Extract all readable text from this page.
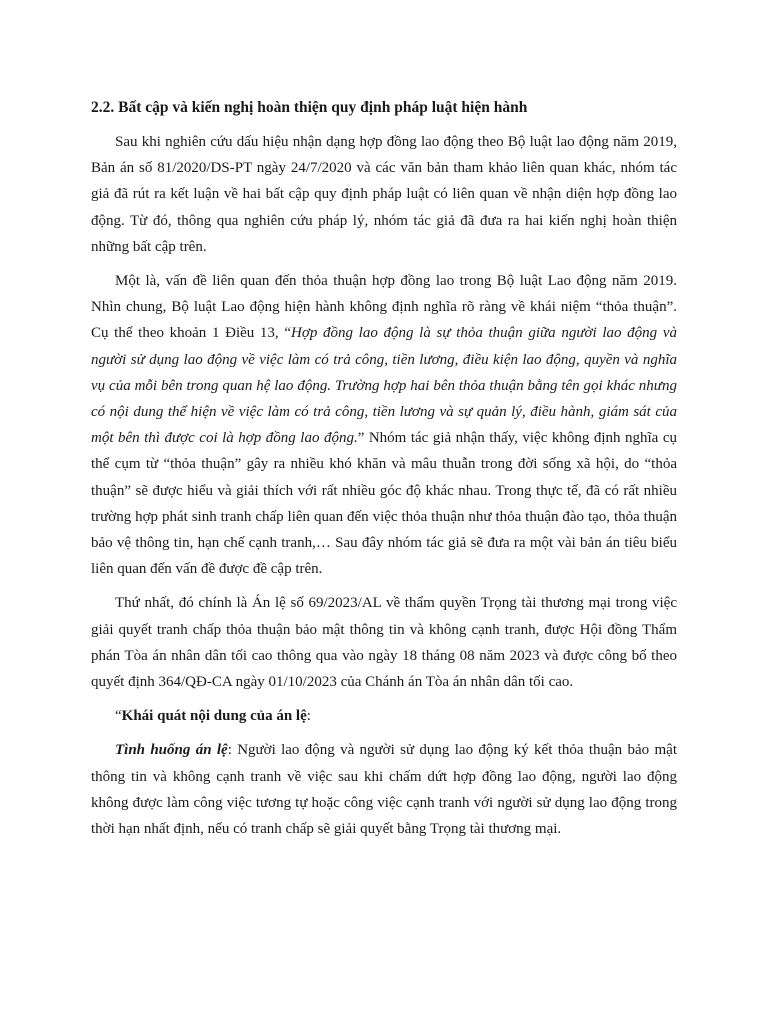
2.2. Bất cập và kiến nghị hoàn thiện quy định pháp luật hiện hành

Sau khi nghiên cứu dấu hiệu nhận dạng hợp đồng lao động theo Bộ luật lao động năm 2019, Bản án số 81/2020/DS-PT ngày 24/7/2020 và các văn bản tham khảo liên quan khác, nhóm tác giả đã rút ra kết luận về hai bất cập quy định pháp luật có liên quan về nhận diện hợp đồng lao động. Từ đó, thông qua nghiên cứu pháp lý, nhóm tác giả đã đưa ra hai kiến nghị hoàn thiện những bất cập trên.

Một là, vấn đề liên quan đến thỏa thuận hợp đồng lao trong Bộ luật Lao động năm 2019. Nhìn chung, Bộ luật Lao động hiện hành không định nghĩa rõ ràng về khái niệm “thỏa thuận”. Cụ thể theo khoản 1 Điều 13, “Hợp đồng lao động là sự thỏa thuận giữa người lao động và người sử dụng lao động về việc làm có trả công, tiền lương, điều kiện lao động, quyền và nghĩa vụ của mỗi bên trong quan hệ lao động. Trường hợp hai bên thỏa thuận bằng tên gọi khác nhưng có nội dung thể hiện về việc làm có trả công, tiền lương và sự quản lý, điều hành, giám sát của một bên thì được coi là hợp đồng lao động.” Nhóm tác giả nhận thấy, việc không định nghĩa cụ thể cụm từ “thỏa thuận” gây ra nhiều khó khăn và mâu thuẫn trong đời sống xã hội, do “thỏa thuận” sẽ được hiểu và giải thích với rất nhiều góc độ khác nhau. Trong thực tế, đã có rất nhiều trường hợp phát sinh tranh chấp liên quan đến việc thỏa thuận như thỏa thuận đào tạo, thỏa thuận bảo vệ thông tin, hạn chế cạnh tranh,… Sau đây nhóm tác giả sẽ đưa ra một vài bản án tiêu biểu liên quan đến vấn đề được đề cập trên.

Thứ nhất, đó chính là Án lệ số 69/2023/AL về thẩm quyền Trọng tài thương mại trong việc giải quyết tranh chấp thỏa thuận bảo mật thông tin và không cạnh tranh, được Hội đồng Thẩm phán Tòa án nhân dân tối cao thông qua vào ngày 18 tháng 08 năm 2023 và được công bố theo quyết định 364/QĐ-CA ngày 01/10/2023 của Chánh án Tòa án nhân dân tối cao.

“Khái quát nội dung của án lệ:

Tình huống án lệ: Người lao động và người sử dụng lao động ký kết thỏa thuận bảo mật thông tin và không cạnh tranh về việc sau khi chấm dứt hợp đồng lao động, người lao động không được làm công việc tương tự hoặc công việc cạnh tranh với người sử dụng lao động trong thời hạn nhất định, nếu có tranh chấp sẽ giải quyết bằng Trọng tài thương mại.
